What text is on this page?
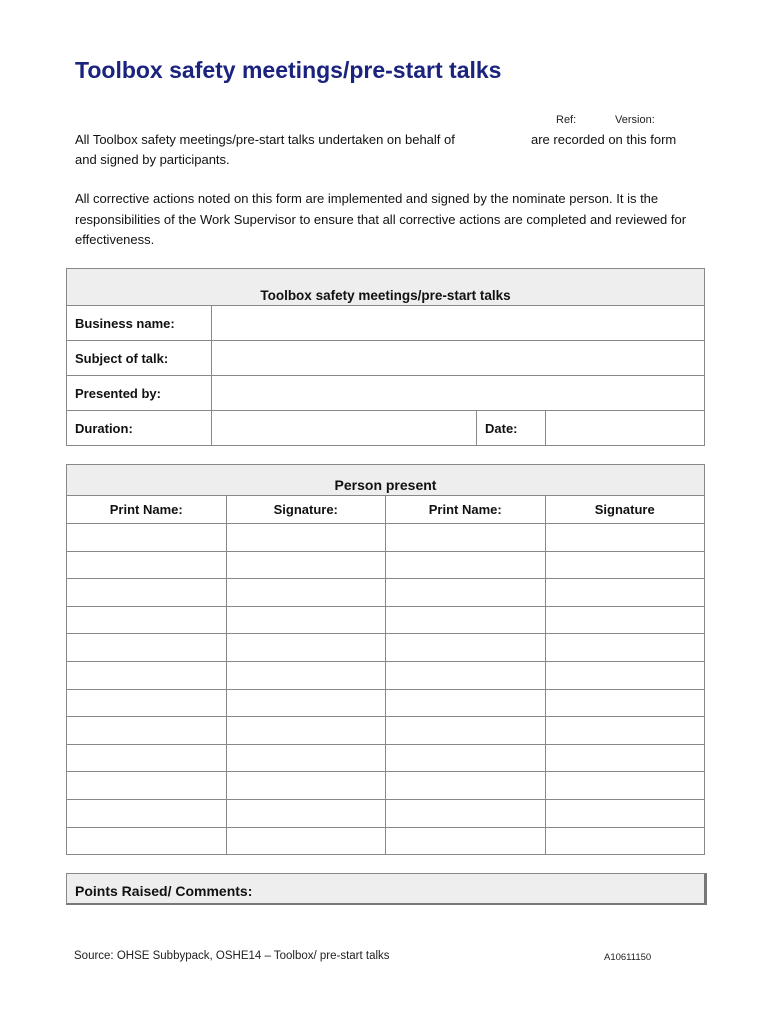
Toolbox safety meetings/pre-start talks
Ref:	Version:
All Toolbox safety meetings/pre-start talks undertaken on behalf of	are recorded on this form
and signed by participants.
All corrective actions noted on this form are implemented and signed by the nominate person. It is the responsibilities of the Work Supervisor to ensure that all corrective actions are completed and reviewed for effectiveness.
Toolbox safety meetings/pre-start talks			
Business name:			
Subject of talk:			
Presented by:			
Duration:		Date:	
Person present			
Print Name:	Signature:	Print Name:	Signature

Points Raised/ Comments:
Source: OHSE Subbypack, OSHE14 – Toolbox/ pre-start talks	A10611150
